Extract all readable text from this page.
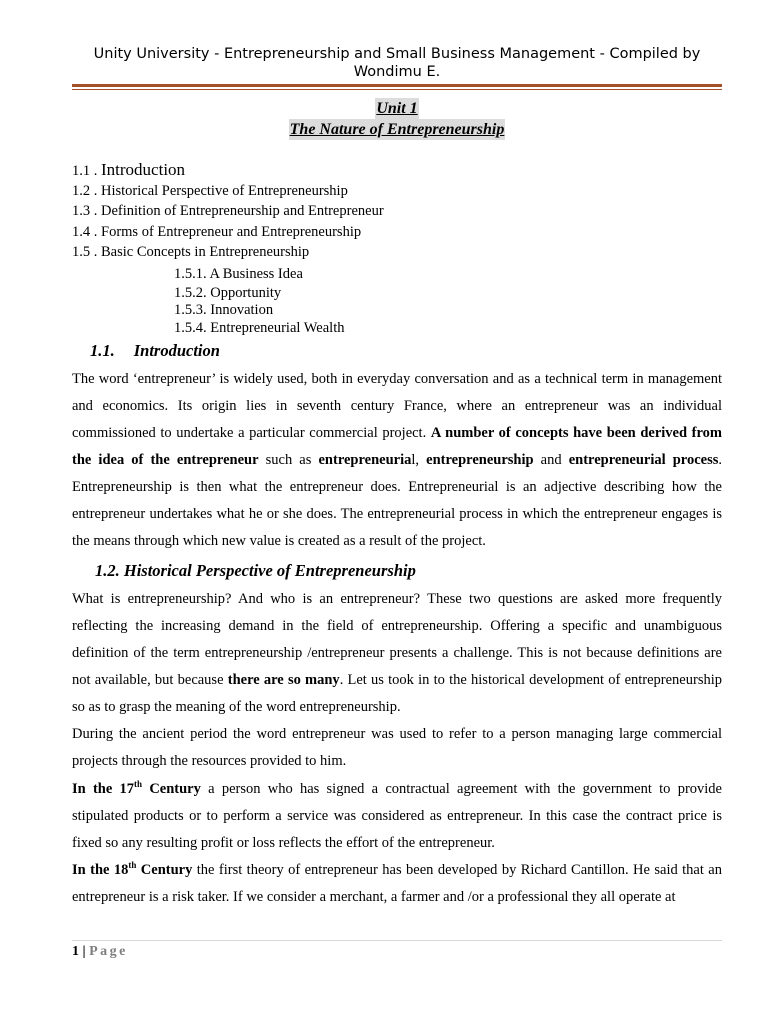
Unity University - Entrepreneurship and Small Business Management - Compiled by Wondimu E.
Unit 1
The Nature of Entrepreneurship
1.1 . Introduction
1.2 . Historical Perspective of Entrepreneurship
1.3 . Definition of Entrepreneurship and Entrepreneur
1.4 . Forms of Entrepreneur and Entrepreneurship
1.5 . Basic Concepts in Entrepreneurship
1.5.1. A Business Idea
1.5.2. Opportunity
1.5.3. Innovation
1.5.4. Entrepreneurial Wealth
1.1. Introduction
The word ‘entrepreneur’ is widely used, both in everyday conversation and as a technical term in management and economics. Its origin lies in seventh century France, where an entrepreneur was an individual commissioned to undertake a particular commercial project. A number of concepts have been derived from the idea of the entrepreneur such as entrepreneurial, entrepreneurship and entrepreneurial process. Entrepreneurship is then what the entrepreneur does. Entrepreneurial is an adjective describing how the entrepreneur undertakes what he or she does. The entrepreneurial process in which the entrepreneur engages is the means through which new value is created as a result of the project.
1.2. Historical Perspective of Entrepreneurship
What is entrepreneurship? And who is an entrepreneur? These two questions are asked more frequently reflecting the increasing demand in the field of entrepreneurship. Offering a specific and unambiguous definition of the term entrepreneurship /entrepreneur presents a challenge. This is not because definitions are not available, but because there are so many. Let us took in to the historical development of entrepreneurship so as to grasp the meaning of the word entrepreneurship.
During the ancient period the word entrepreneur was used to refer to a person managing large commercial projects through the resources provided to him.
In the 17th Century a person who has signed a contractual agreement with the government to provide stipulated products or to perform a service was considered as entrepreneur. In this case the contract price is fixed so any resulting profit or loss reflects the effort of the entrepreneur.
In the 18th Century the first theory of entrepreneur has been developed by Richard Cantillon. He said that an entrepreneur is a risk taker. If we consider a merchant, a farmer and /or a professional they all operate at
1 | Page
